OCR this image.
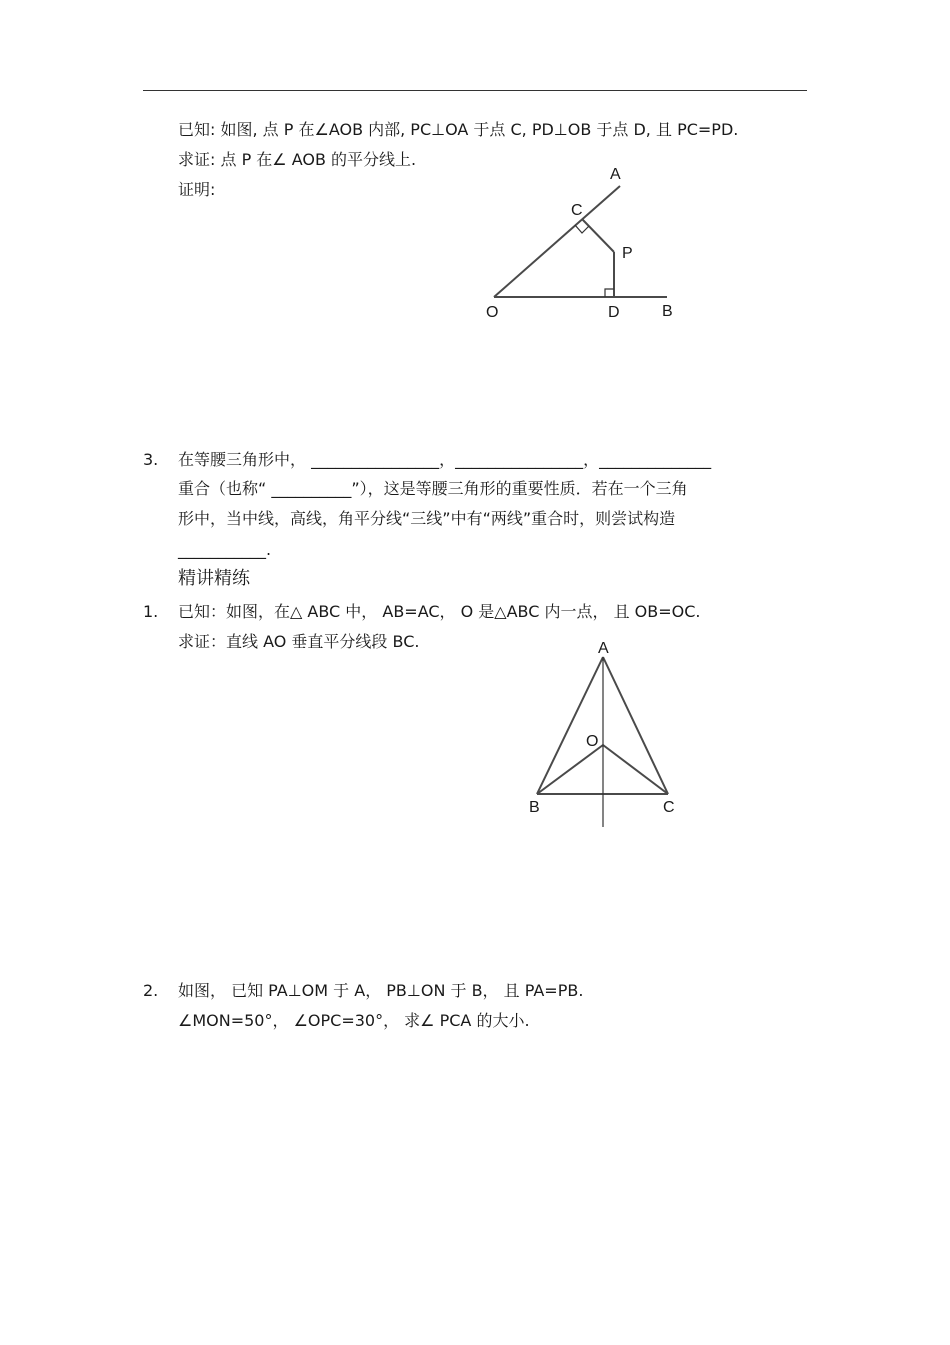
已知: 如图, 点 P 在∠AOB 内部, PC⊥OA 于点 C, PD⊥OB 于点 D, 且 PC=PD.
求证: 点 P 在∠ AOB 的平分线上.
证明:
A
C
P
O	D	B
A
O
B	C
3. 在等腰三角形中， ________________，________________，______________
重合（也称“ __________”），这是等腰三角形的重要性质．若在一个三角
形中，当中线，高线，角平分线“三线”中有“两线”重合时，则尝试构造
___________.
精讲精练
1. 已知：如图，在△ ABC 中， AB=AC， O 是△ABC 内一点， 且 OB=OC.
求证：直线 AO 垂直平分线段 BC.
2. 如图， 已知 PA⊥OM 于 A， PB⊥ON 于 B， 且 PA=PB.
∠MON=50°， ∠OPC=30°， 求∠ PCA 的大小.
